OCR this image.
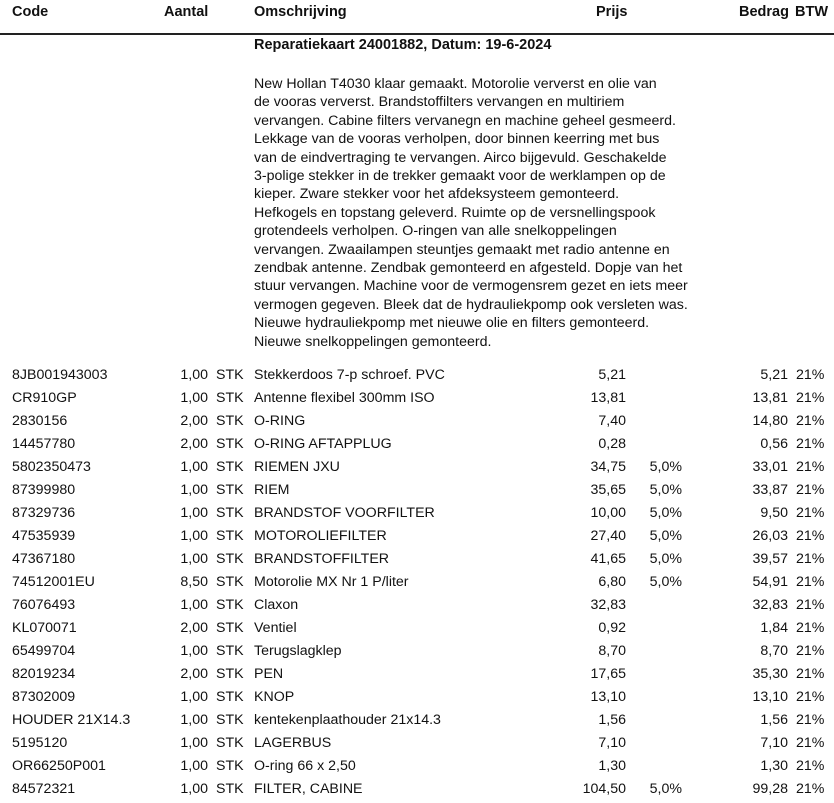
Code	Aantal	Omschrijving	Prijs	Bedrag BTW
Reparatiekaart 24001882, Datum: 19-6-2024
New Hollan T4030 klaar gemaakt. Motorolie ververst en olie van
de vooras ververst. Brandstoffilters vervangen en multiriem
vervangen. Cabine filters vervanegn en machine geheel gesmeerd.
Lekkage van de vooras verholpen, door binnen keerring met bus
van de eindvertraging te vervangen. Airco bijgevuld. Geschakelde
3-polige stekker in de trekker gemaakt voor de werklampen op de
kieper. Zware stekker voor het afdeksysteem gemonteerd.
Hefkogels en topstang geleverd. Ruimte op de versnellingspook
grotendeels verholpen. O-ringen van alle snelkoppelingen
vervangen. Zwaailampen steuntjes gemaakt met radio antenne en
zendbak antenne. Zendbak gemonteerd en afgesteld. Dopje van het
stuur vervangen. Machine voor de vermogensrem gezet en iets meer
vermogen gegeven. Bleek dat de hydrauliekpomp ook versleten was.
Nieuwe hydrauliekpomp met nieuwe olie en filters gemonteerd.
Nieuwe snelkoppelingen gemonteerd.
8JB001943003	1,00 STK Stekkerdoos 7-p schroef. PVC	5,21	5,21 21%
CR910GP	1,00 STK Antenne flexibel 300mm ISO	13,81	13,81 21%
2830156	2,00 STK O-RING	7,40	14,80 21%
14457780	2,00 STK O-RING AFTAPPLUG	0,28	0,56 21%
5802350473	1,00 STK RIEMEN JXU	34,75 5,0%	33,01 21%
87399980	1,00 STK RIEM	35,65 5,0%	33,87 21%
87329736	1,00 STK BRANDSTOF VOORFILTER	10,00 5,0%	9,50 21%
47535939	1,00 STK MOTOROLIEFILTER	27,40 5,0%	26,03 21%
47367180	1,00 STK BRANDSTOFFILTER	41,65 5,0%	39,57 21%
74512001EU	8,50 STK Motorolie MX Nr 1 P/liter	6,80 5,0%	54,91 21%
76076493	1,00 STK Claxon	32,83	32,83 21%
KL070071	2,00 STK Ventiel	0,92	1,84 21%
65499704	1,00 STK Terugslagklep	8,70	8,70 21%
82019234	2,00 STK PEN	17,65	35,30 21%
87302009	1,00 STK KNOP	13,10	13,10 21%
HOUDER 21X14.3	1,00 STK kentekenplaathouder 21x14.3	1,56	1,56 21%
5195120	1,00 STK LAGERBUS	7,10	7,10 21%
OR66250P001	1,00 STK O-ring 66 x 2,50	1,30	1,30 21%
84572321	1,00 STK FILTER, CABINE	104,50 5,0%	99,28 21%
